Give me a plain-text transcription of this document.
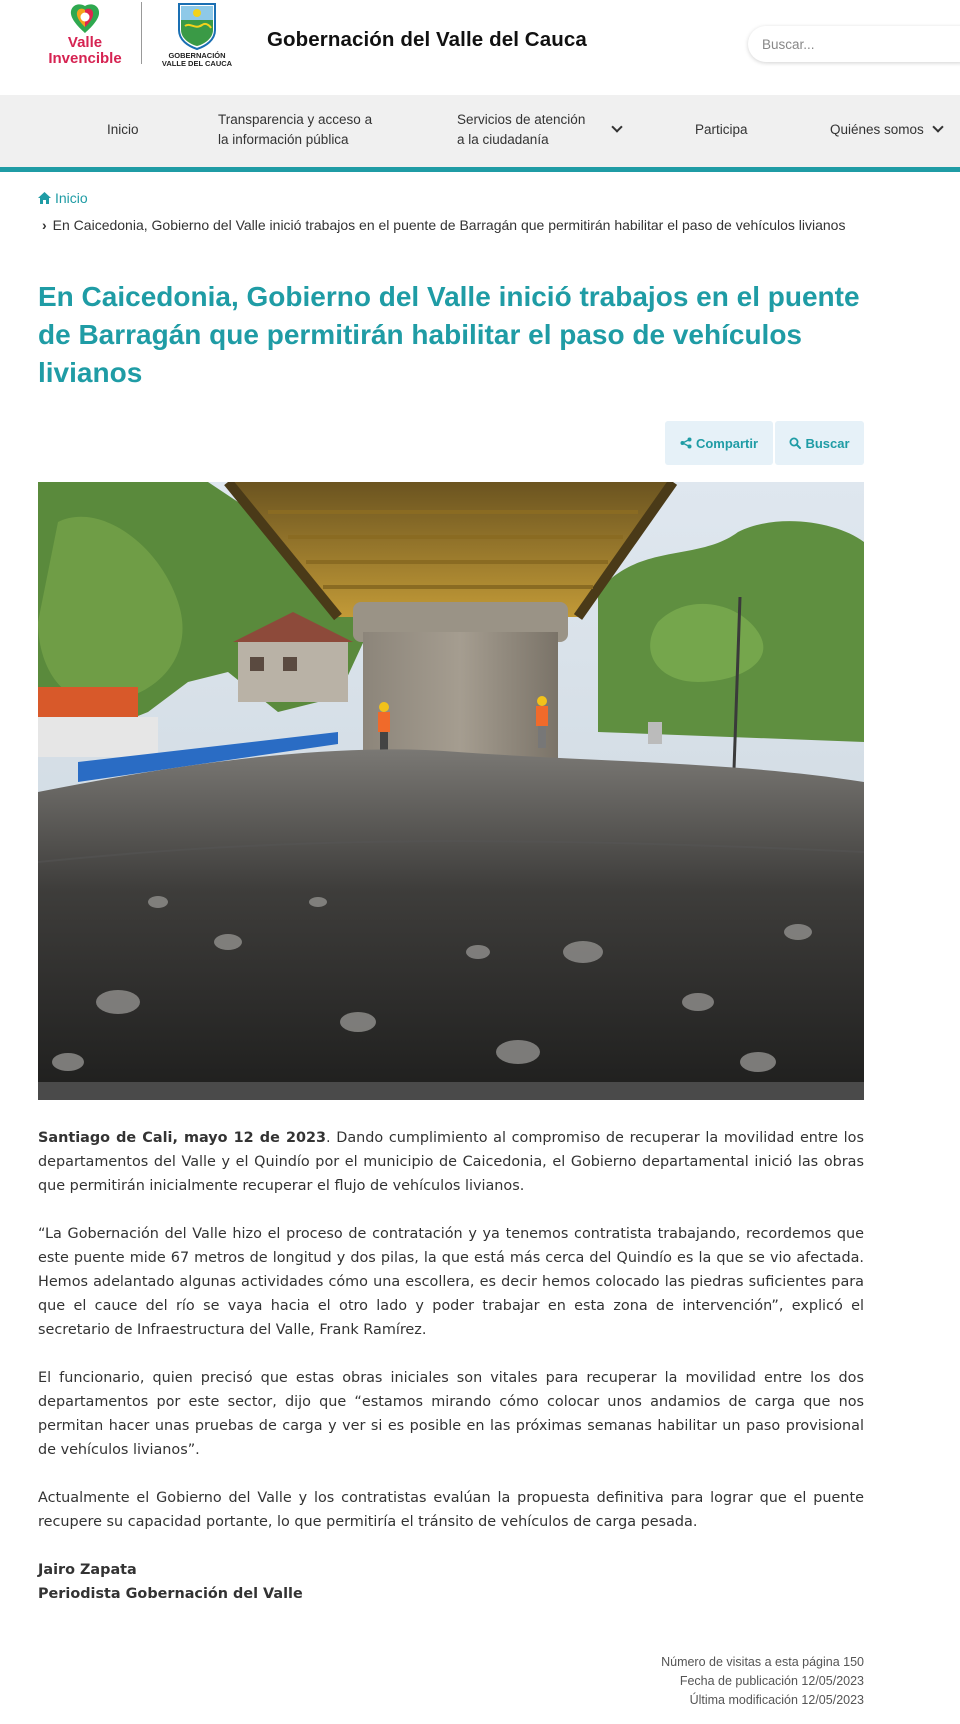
Valle
Invencible	GOBERNACIÓN
VALLE DEL CAUCA
Gobernación del Valle del Cauca
Buscar...
Inicio
Transparencia y acceso a
la información pública
Servicios de atención
a la ciudadanía
Participa	Quiénes somos
Inicio
› En Caicedonia, Gobierno del Valle inició trabajos en el puente de Barragán que permitirán habilitar el paso de vehículos livianos
En Caicedonia, Gobierno del Valle inició trabajos en el puente de Barragán que permitirán habilitar el paso de vehículos livianos
Compartir	Buscar

Santiago de Cali, mayo 12 de 2023. Dando cumplimiento al compromiso de recuperar la movilidad entre los departamentos del Valle y el Quindío por el municipio de Caicedonia, el Gobierno departamental inició las obras que permitirán inicialmente recuperar el flujo de vehículos livianos.

“La Gobernación del Valle hizo el proceso de contratación y ya tenemos contratista trabajando, recordemos que este puente mide 67 metros de longitud y dos pilas, la que está más cerca del Quindío es la que se vio afectada. Hemos adelantado algunas actividades cómo una escollera, es decir hemos colocado las piedras suficientes para que el cauce del río se vaya hacia el otro lado y poder trabajar en esta zona de intervención”, explicó el secretario de Infraestructura del Valle, Frank Ramírez.

El funcionario, quien precisó que estas obras iniciales son vitales para recuperar la movilidad entre los dos departamentos por este sector, dijo que “estamos mirando cómo colocar unos andamios de carga que nos permitan hacer unas pruebas de carga y ver si es posible en las próximas semanas habilitar un paso provisional de vehículos livianos”.

Actualmente el Gobierno del Valle y los contratistas evalúan la propuesta definitiva para lograr que el puente recupere su capacidad portante, lo que permitiría el tránsito de vehículos de carga pesada.

Jairo Zapata
Periodista Gobernación del Valle
Número de visitas a esta página 150
Fecha de publicación 12/05/2023
Última modificación 12/05/2023
